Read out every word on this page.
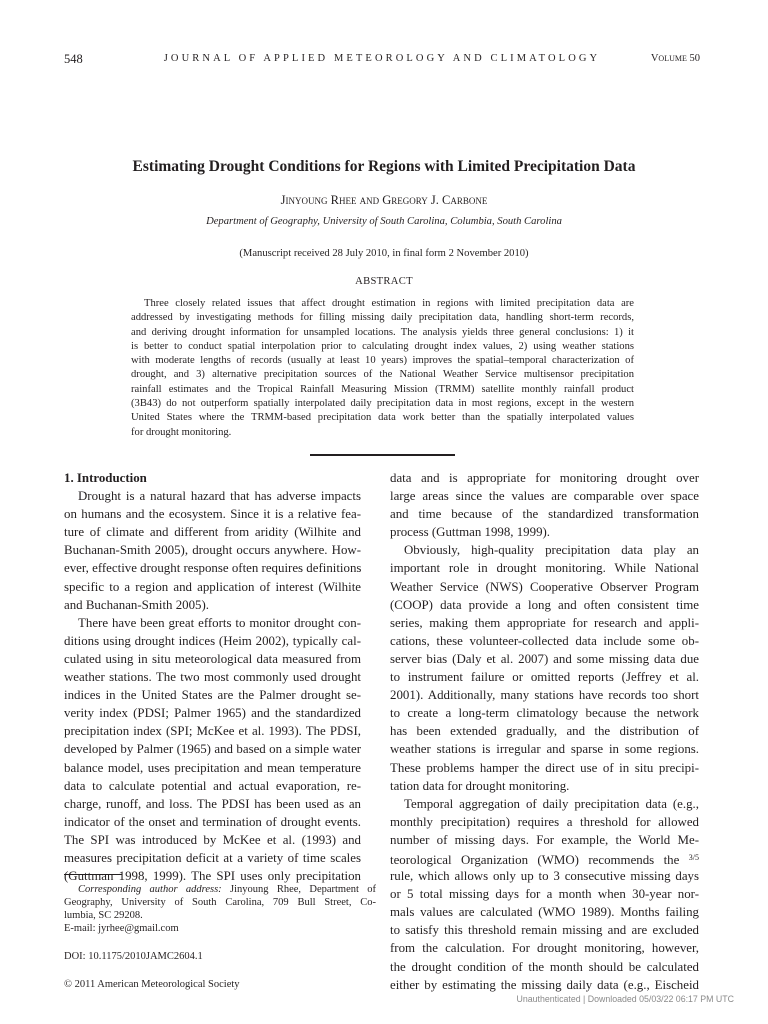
548	JOURNAL OF APPLIED METEOROLOGY AND CLIMATOLOGY	VOLUME 50
Estimating Drought Conditions for Regions with Limited Precipitation Data
Jinyoung Rhee and Gregory J. Carbone
Department of Geography, University of South Carolina, Columbia, South Carolina
(Manuscript received 28 July 2010, in final form 2 November 2010)
ABSTRACT
Three closely related issues that affect drought estimation in regions with limited precipitation data are
addressed by investigating methods for filling missing daily precipitation data, handling short-term records,
and deriving drought information for unsampled locations. The analysis yields three general conclusions: 1) it
is better to conduct spatial interpolation prior to calculating drought index values, 2) using weather stations
with moderate lengths of records (usually at least 10 years) improves the spatial–temporal characterization of
drought, and 3) alternative precipitation sources of the National Weather Service multisensor precipitation
rainfall estimates and the Tropical Rainfall Measuring Mission (TRMM) satellite monthly rainfall product
(3B43) do not outperform spatially interpolated daily precipitation data in most regions, except in the western
United States where the TRMM-based precipitation data work better than the spatially interpolated values
for drought monitoring.
1. Introduction
Drought is a natural hazard that has adverse impacts
on humans and the ecosystem. Since it is a relative fea-
ture of climate and different from aridity (Wilhite and
Buchanan-Smith 2005), drought occurs anywhere. How-
ever, effective drought response often requires definitions
specific to a region and application of interest (Wilhite
and Buchanan-Smith 2005).
There have been great efforts to monitor drought con-
ditions using drought indices (Heim 2002), typically cal-
culated using in situ meteorological data measured from
weather stations. The two most commonly used drought
indices in the United States are the Palmer drought se-
verity index (PDSI; Palmer 1965) and the standardized
precipitation index (SPI; McKee et al. 1993). The PDSI,
developed by Palmer (1965) and based on a simple water
balance model, uses precipitation and mean temperature
data to calculate potential and actual evaporation, re-
charge, runoff, and loss. The PDSI has been used as an
indicator of the onset and termination of drought events.
The SPI was introduced by McKee et al. (1993) and
measures precipitation deficit at a variety of time scales
(Guttman 1998, 1999). The SPI uses only precipitation
data and is appropriate for monitoring drought over
large areas since the values are comparable over space
and time because of the standardized transformation
process (Guttman 1998, 1999).
Obviously, high-quality precipitation data play an
important role in drought monitoring. While National
Weather Service (NWS) Cooperative Observer Program
(COOP) data provide a long and often consistent time
series, making them appropriate for research and appli-
cations, these volunteer-collected data include some ob-
server bias (Daly et al. 2007) and some missing data due
to instrument failure or omitted reports (Jeffrey et al.
2001). Additionally, many stations have records too short
to create a long-term climatology because the network
has been extended gradually, and the distribution of
weather stations is irregular and sparse in some regions.
These problems hamper the direct use of in situ precipi-
tation data for drought monitoring.
Temporal aggregation of daily precipitation data (e.g.,
monthly precipitation) requires a threshold for allowed
number of missing days. For example, the World Me-
teorological Organization (WMO) recommends the $^{3/5}$
rule, which allows only up to 3 consecutive missing days
or 5 total missing days for a month when 30-year nor-
mals values are calculated (WMO 1989). Months failing
to satisfy this threshold remain missing and are excluded
from the calculation. For drought monitoring, however,
the drought condition of the month should be calculated
either by estimating the missing daily data (e.g., Eischeid
Corresponding author address: Jinyoung Rhee, Department of
Geography, University of South Carolina, 709 Bull Street, Co-
lumbia, SC 29208.
E-mail: jyrhee@gmail.com
DOI: 10.1175/2010JAMC2604.1
© 2011 American Meteorological Society
Unauthenticated | Downloaded 05/03/22 06:17 PM UTC
